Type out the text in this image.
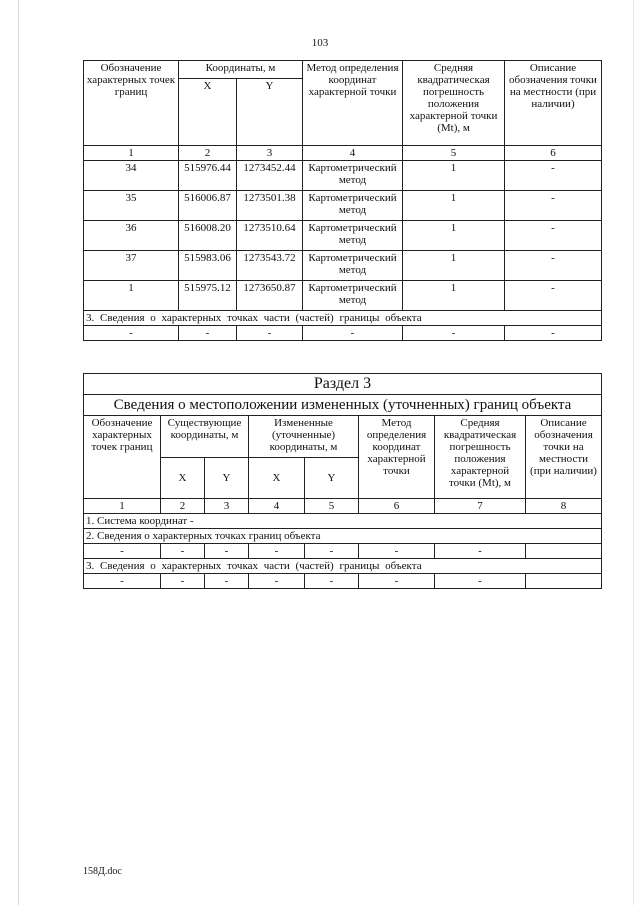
103
Обозначение характерных точек границ	Координаты, м		Метод определения координат характерной точки	Средняя квадратическая погрешность положения характерной точки (Mt), м	Описание обозначения точки на местности (при наличии)
	X	Y			
1	2	3	4	5	6
34	515976.44	1273452.44	Картометрический метод	1	-
35	516006.87	1273501.38	Картометрический метод	1	-
36	516008.20	1273510.64	Картометрический метод	1	-
37	515983.06	1273543.72	Картометрический метод	1	-
1	515975.12	1273650.87	Картометрический метод	1	-
3. Сведения о характерных точках части (частей) границы объекта					
-	-	-	-	-	-
Раздел 3							
Сведения о местоположении измененных (уточненных) границ объекта							
Обозначение характерных точек границ	Существующие координаты, м		Измененные (уточненные) координаты, м		Метод определения координат характерной точки	Средняя квадратическая погрешность положения характерной точки (Mt), м	Описание обозначения точки на местности (при наличии)
	X	Y	X	Y			
1	2	3	4	5	6	7	8
1. Система координат -							
2. Сведения о характерных точках границ объекта							
-	-	-	-	-	-	-	
3. Сведения о характерных точках части (частей) границы объекта							
-	-	-	-	-	-	-	
158Д.doc
